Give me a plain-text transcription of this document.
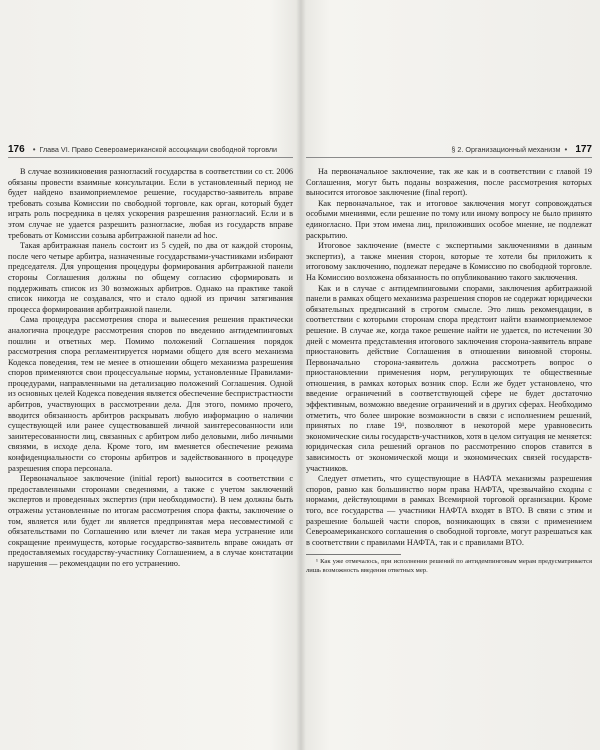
176 • Глава VI. Право Североамериканской ассоциации свободной торговли

В случае возникновения разногласий государства в соответствии со ст. 2006 обязаны провести взаимные консультации. Если в установленный период не будет найдено взаимоприемлемое решение, государство-заявитель вправе требовать созыва Комиссии по свободной торговле, как орган, который будет играть роль посредника в целях ускорения разрешения разногласий. Если и в этом случае не удается разрешить разногласие, любая из государств вправе требовать от Комиссии созыва арбитражной панели ad hoc.

Такая арбитражная панель состоит из 5 судей, по два от каждой стороны, после чего четыре арбитра, назначенные государствами-участниками избирают председателя. Для упрощения процедуры формирования арбитражной панели стороны Соглашения должны по общему согласию сформировать и поддерживать список из 30 возможных арбитров. Однако на практике такой список никогда не создавался, что и стало одной из причин затягивания процесса формирования арбитражной панели.

Сама процедура рассмотрения спора и вынесения решения практически аналогична процедуре рассмотрения споров по введению антидемпинговых пошлин и ответных мер. Помимо положений Соглашения порядок рассмотрения спора регламентируется нормами общего для всего механизма Кодекса поведения, тем не менее в отношении общего механизма разрешения споров применяются свои процессуальные нормы, установленные Правилами-процедурами, направленными на детализацию положений Соглашения. Одной из основных целей Кодекса поведения является обеспечение беспристрастности арбитров, участвующих в рассмотрении дела. Для этого, помимо прочего, вводится обязанность арбитров раскрывать любую информацию о наличии существующей или ранее существовавшей личной заинтересованности или заинтересованности лиц, связанных с арбитром либо деловыми, либо личными связями, в исходе дела. Кроме того, им вменяется обеспечение режима конфиденциальности со стороны арбитров и задействованного в процедуре разрешения спора персонала.

Первоначальное заключение (initial report) выносится в соответствии с предоставленными сторонами сведениями, а также с учетом заключений экспертов и проведенных экспертиз (при необходимости). В нем должны быть отражены установленные по итогам рассмотрения спора факты, заключение о том, является или будет ли является предпринятая мера несовместимой с обязательствами по Соглашению или влечет ли такая мера устранение или сокращение преимуществ, которые государство-заявитель вправе ожидать от предоставляемых государству-участнику Соглашением, а в случае констатации нарушения — рекомендации по его устранению.

§ 2. Организационный механизм • 177

На первоначальное заключение, так же как и в соответствии с главой 19 Соглашения, могут быть поданы возражения, после рассмотрения которых выносится итоговое заключение (final report).

Как первоначальное, так и итоговое заключения могут сопровождаться особыми мнениями, если решение по тому или иному вопросу не было принято единогласно. При этом имена лиц, приложивших особое мнение, не подлежат раскрытию.

Итоговое заключение (вместе с экспертными заключениями в данным экспертиз), а также мнения сторон, которые те хотели бы приложить к итоговому заключению, подлежат передаче в Комиссию по свободной торговле. На Комиссию возложена обязанность по опубликованию такого заключения.

Как и в случае с антидемпинговыми спорами, заключения арбитражной панели в рамках общего механизма разрешения споров не содержат юридически обязательных предписаний в строгом смысле. Это лишь рекомендации, в соответствии с которыми сторонам спора предстоит найти взаимоприемлемое решение. В случае же, когда такое решение найти не удается, по истечении 30 дней с момента представления итогового заключения сторона-заявитель вправе приостановить действие Соглашения в отношении виновной стороны. Первоначально сторона-заявитель должна рассмотреть вопрос о приостановлении применения норм, регулирующих те общественные отношения, в рамках которых возник спор. Если же будет установлено, что введение ограничений в соответствующей сфере не будет достаточно эффективным, возможно введение ограничений и в других сферах. Необходимо отметить, что более широкие возможности в связи с исполнением решений, принятых по главе 19¹, позволяют в некоторой мере уравновесить экономические силы государств-участников, хотя в целом ситуация не меняется: юридическая сила решений органов по рассмотрению споров ставится в зависимость от экономической мощи и экономических связей государств-участников.

Следует отметить, что существующие в НАФТА механизмы разрешения споров, равно как большинство норм права НАФТА, чрезвычайно сходны с нормами, действующими в рамках Всемирной торговой организации. Кроме того, все государства — участники НАФТА входят в ВТО. В связи с этим и разрешение большей части споров, возникающих в связи с применением Североамериканского соглашения о свободной торговле, могут разрешаться как в соответствии с правилами НАФТА, так и с правилами ВТО.

¹ Как уже отмечалось, при исполнении решений по антидемпинговым мерам предусматривается лишь возможность введения ответных мер.
